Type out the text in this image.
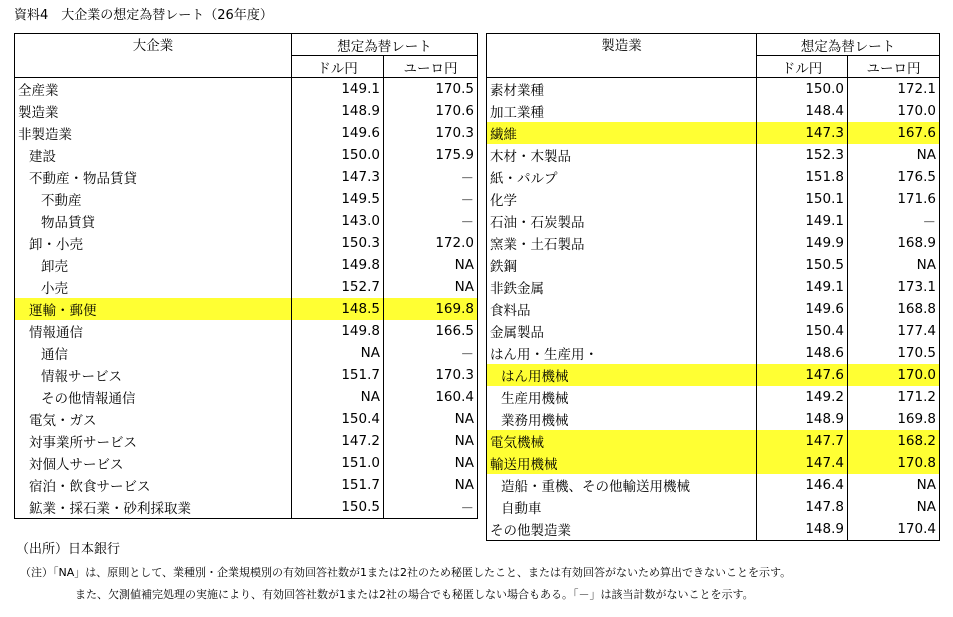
資料4　大企業の想定為替レート（26年度）
大企業	想定為替レート	
	ドル円	ユーロ円
全産業	149.1	170.5
製造業	148.9	170.6
非製造業	149.6	170.3
建設	150.0	175.9
不動産・物品賃貸	147.3	－
不動産	149.5	－
物品賃貸	143.0	－
卸・小売	150.3	172.0
卸売	149.8	NA
小売	152.7	NA
運輸・郵便	148.5	169.8
情報通信	149.8	166.5
通信	NA	－
情報サービス	151.7	170.3
その他情報通信	NA	160.4
電気・ガス	150.4	NA
対事業所サービス	147.2	NA
対個人サービス	151.0	NA
宿泊・飲食サービス	151.7	NA
鉱業・採石業・砂利採取業	150.5	－
製造業	想定為替レート	
	ドル円	ユーロ円
素材業種	150.0	172.1
加工業種	148.4	170.0
繊維	147.3	167.6
木材・木製品	152.3	NA
紙・パルプ	151.8	176.5
化学	150.1	171.6
石油・石炭製品	149.1	－
窯業・土石製品	149.9	168.9
鉄鋼	150.5	NA
非鉄金属	149.1	173.1
食料品	149.6	168.8
金属製品	150.4	177.4
はん用・生産用・	148.6	170.5
はん用機械	147.6	170.0
生産用機械	149.2	171.2
業務用機械	148.9	169.8
電気機械	147.7	168.2
輸送用機械	147.4	170.8
造船・重機、その他輸送用機械	146.4	NA
自動車	147.8	NA
その他製造業	148.9	170.4
（出所）日本銀行
（注）「NA」は、原則として、業種別・企業規模別の有効回答社数が1または2社のため秘匿したこと、または有効回答がないため算出できないことを示す。
また、欠測値補完処理の実施により、有効回答社数が1または2社の場合でも秘匿しない場合もある。「－」は該当計数がないことを示す。
